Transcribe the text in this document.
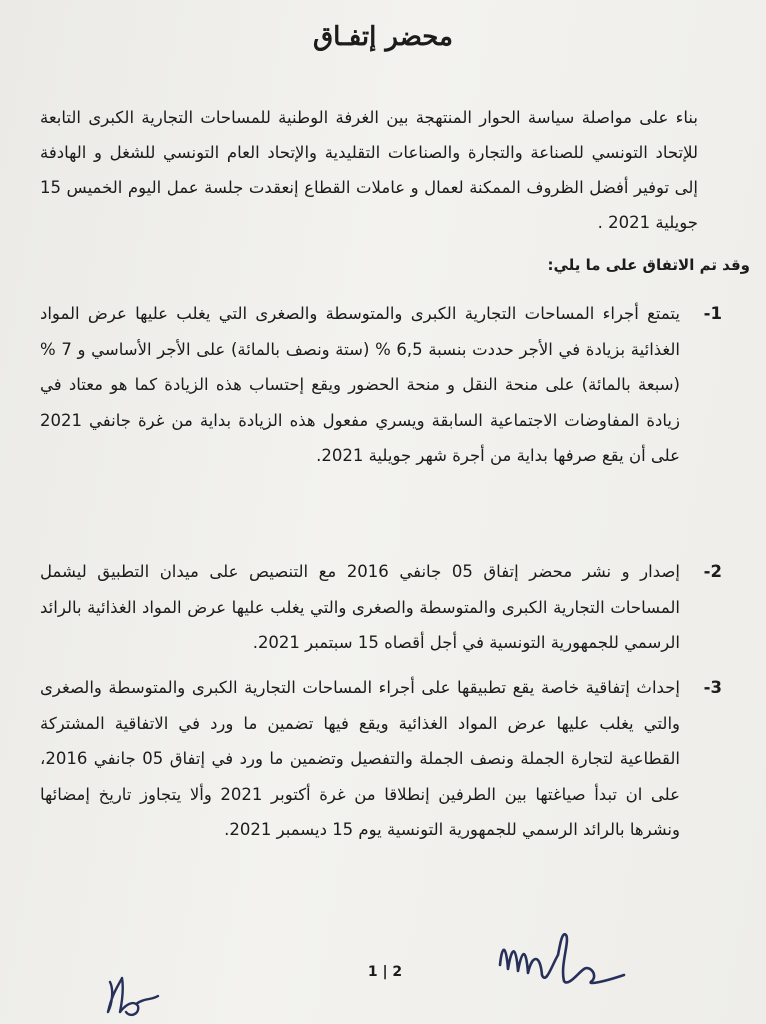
محضر إتفـاق
بناء على مواصلة سياسة الحوار المنتهجة بين الغرفة الوطنية للمساحات التجارية الكبرى التابعة للإتحاد التونسي للصناعة والتجارة والصناعات التقليدية والإتحاد العام التونسي للشغل و الهادفة إلى توفير أفضل الظروف الممكنة لعمال و عاملات القطاع إنعقدت جلسة عمل اليوم الخميس 15 جويلية 2021 .
وقد تم الاتفاق على ما يلي:
-1
يتمتع أجراء المساحات التجارية الكبرى والمتوسطة والصغرى التي يغلب عليها عرض المواد الغذائية بزيادة في الأجر حددت بنسبة 6,5 % (ستة ونصف بالمائة) على الأجر الأساسي و 7 % (سبعة بالمائة) على منحة النقل و منحة الحضور ويقع إحتساب هذه الزيادة كما هو معتاد في زيادة المفاوضات الاجتماعية السابقة ويسري مفعول هذه الزيادة بداية من غرة جانفي 2021 على أن يقع صرفها بداية من أجرة شهر جويلية 2021.
-2
إصدار و نشر محضر إتفاق 05 جانفي 2016 مع التنصيص على ميدان التطبيق ليشمل المساحات التجارية الكبرى والمتوسطة والصغرى والتي يغلب عليها عرض المواد الغذائية بالرائد الرسمي للجمهورية التونسية في أجل أقصاه 15 سبتمبر 2021.
-3
إحداث إتفاقية خاصة يقع تطبيقها على أجراء المساحات التجارية الكبرى والمتوسطة والصغرى والتي يغلب عليها عرض المواد الغذائية ويقع فيها تضمين ما ورد في الاتفاقية المشتركة القطاعية لتجارة الجملة ونصف الجملة والتفصيل وتضمين ما ورد في إتفاق 05 جانفي 2016، على ان تبدأ صياغتها بين الطرفين إنطلاقا من غرة أكتوبر 2021 وألا يتجاوز تاريخ إمضائها ونشرها بالرائد الرسمي للجمهورية التونسية يوم 15 ديسمبر 2021.
1 | 2
